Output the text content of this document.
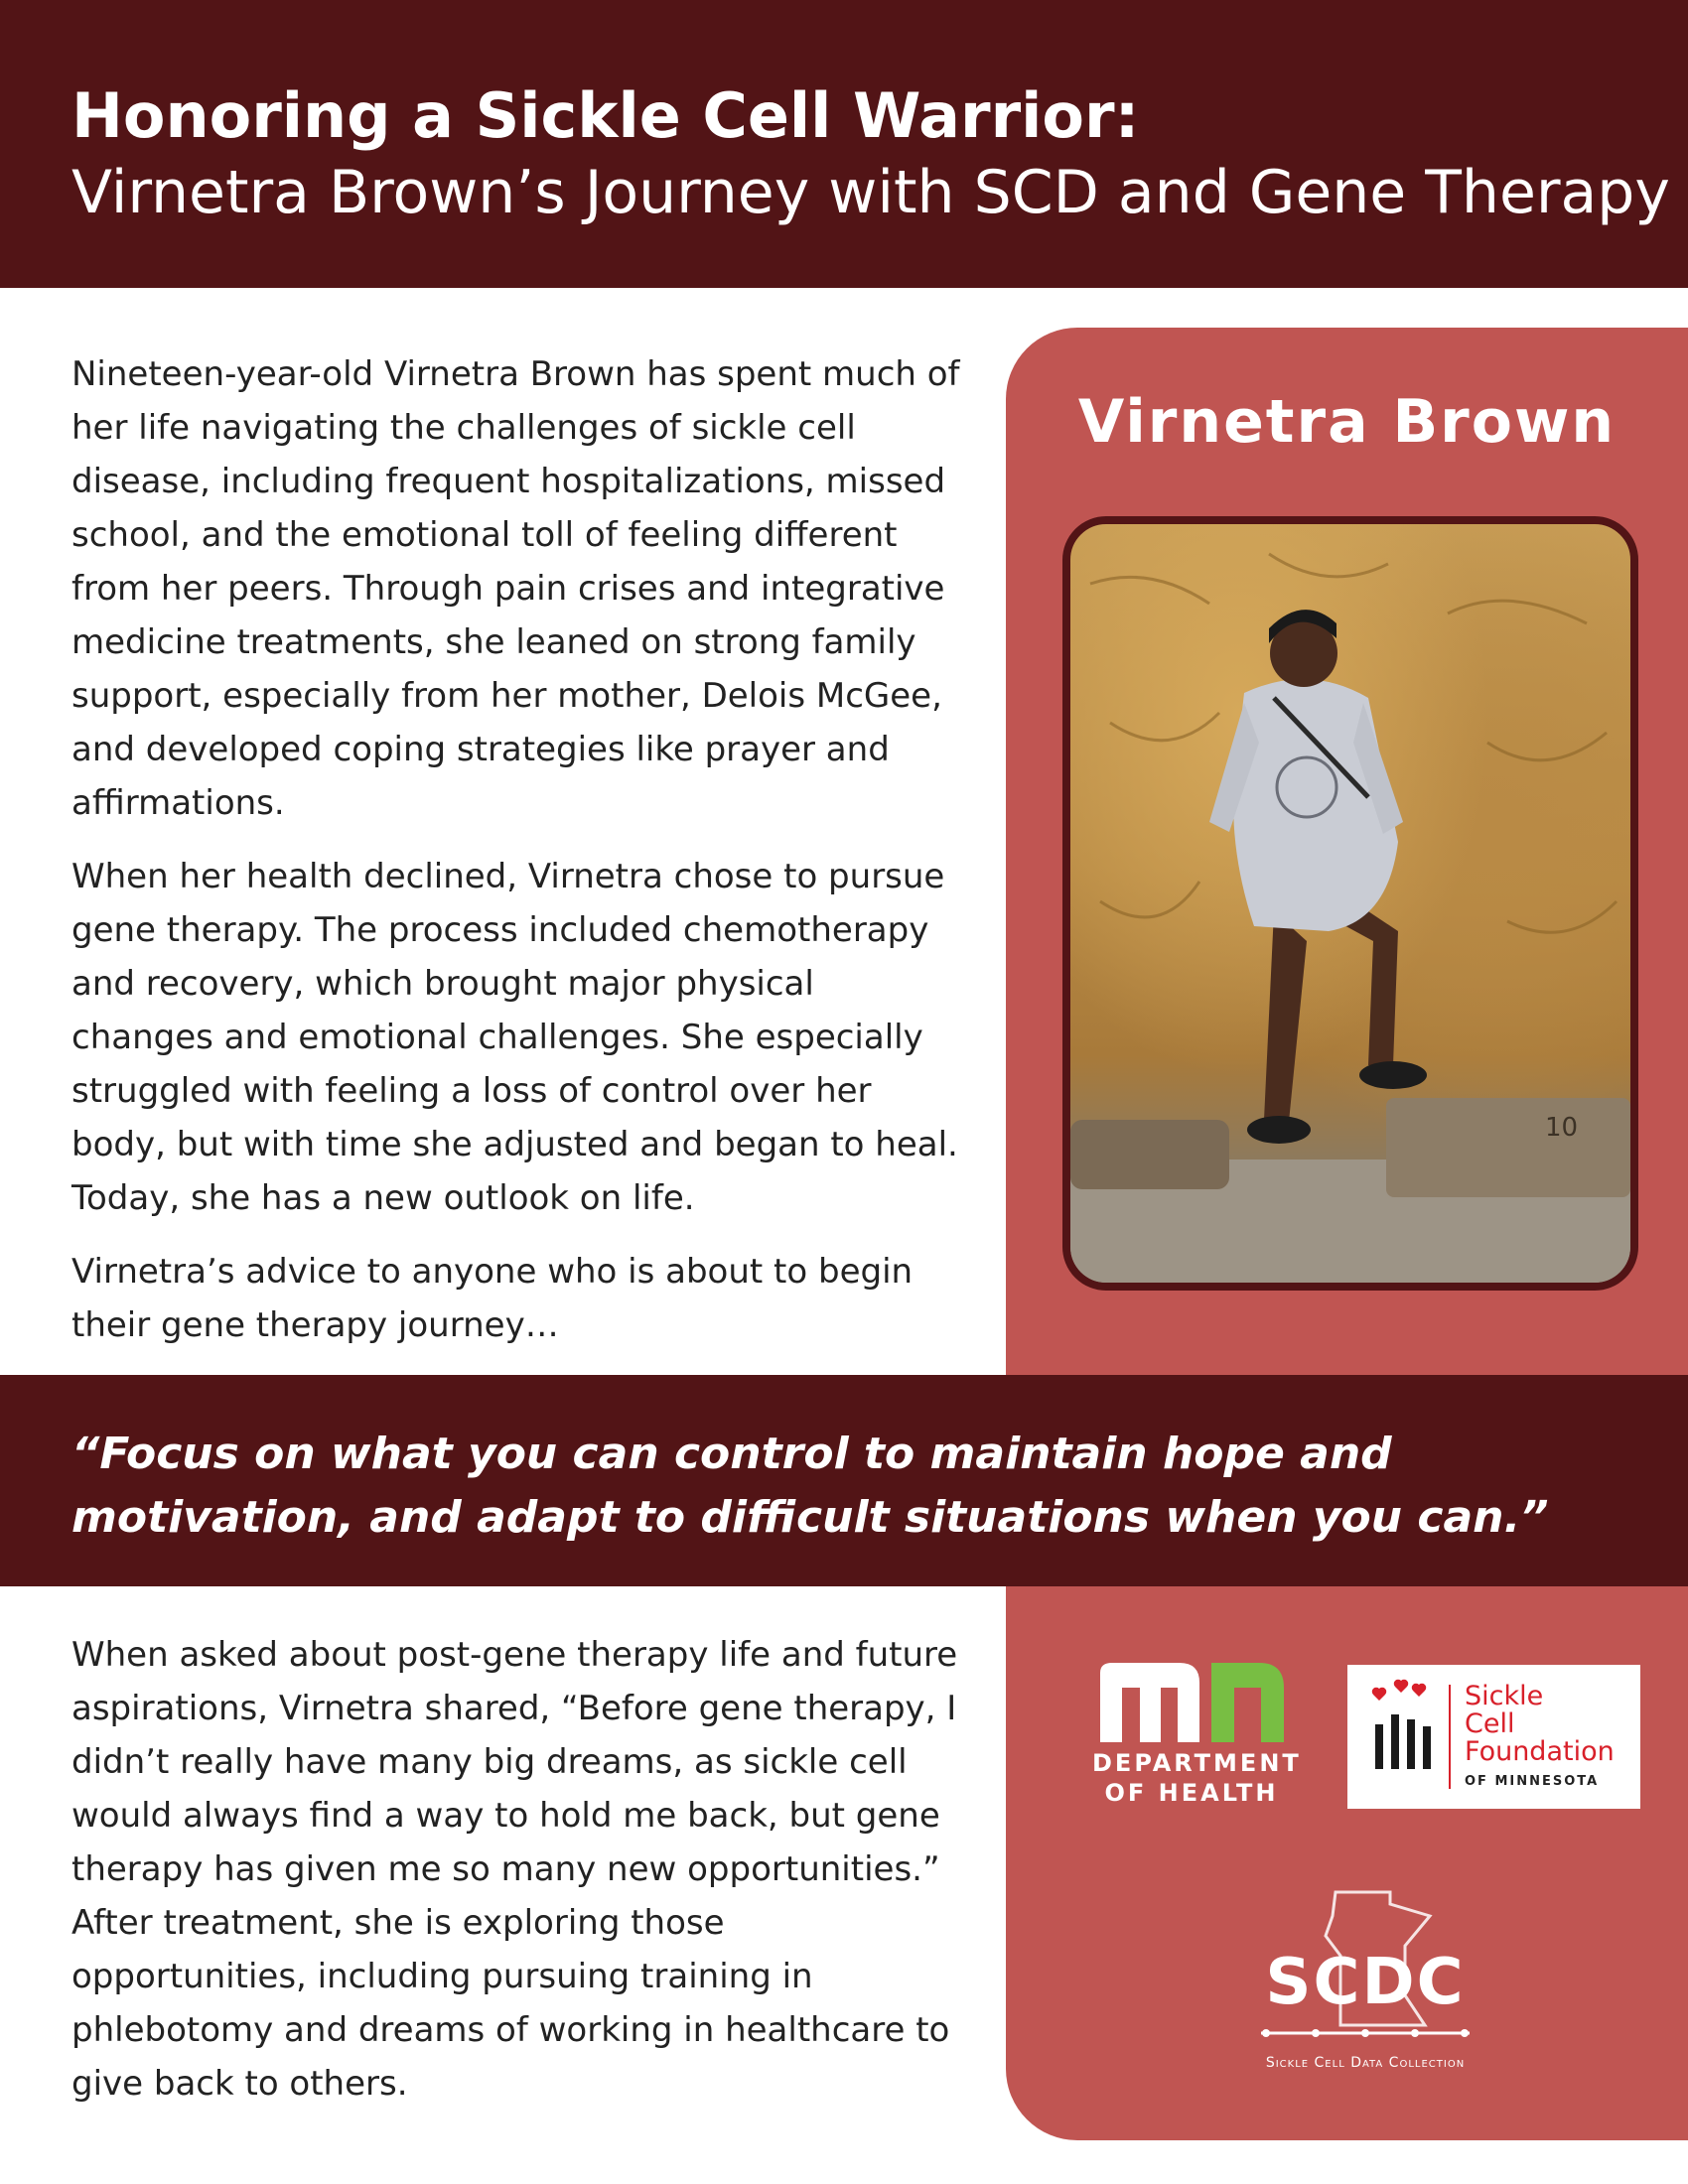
Honoring a Sickle Cell Warrior:
Virnetra Brown’s Journey with SCD and Gene Therapy
Virnetra Brown
10

Nineteen-year-old Virnetra Brown has spent much of her life navigating the challenges of sickle cell disease, including frequent hospitalizations, missed school, and the emotional toll of feeling different from her peers. Through pain crises and integrative medicine treatments, she leaned on strong family support, especially from her mother, Delois McGee, and developed coping strategies like prayer and affirmations.

When her health declined, Virnetra chose to pursue gene therapy. The process included chemotherapy and recovery, which brought major physical changes and emotional challenges. She especially struggled with feeling a loss of control over her body, but with time she adjusted and began to heal. Today, she has a new outlook on life.

Virnetra’s advice to anyone who is about to begin their gene therapy journey…

“Focus on what you can control to maintain hope and motivation, and adapt to difficult situations when you can.”

When asked about post-gene therapy life and future aspirations, Virnetra shared, “Before gene therapy, I didn’t really have many big dreams, as sickle cell would always find a way to hold me back, but gene therapy has given me so many new opportunities.” After treatment, she is exploring those opportunities, including pursuing training in phlebotomy and dreams of working in healthcare to give back to others.

DEPARTMENT
OF HEALTH
Sickle
Cell
Foundation
OF MINNESOTA
SCDC
Sickle Cell Data Collection
